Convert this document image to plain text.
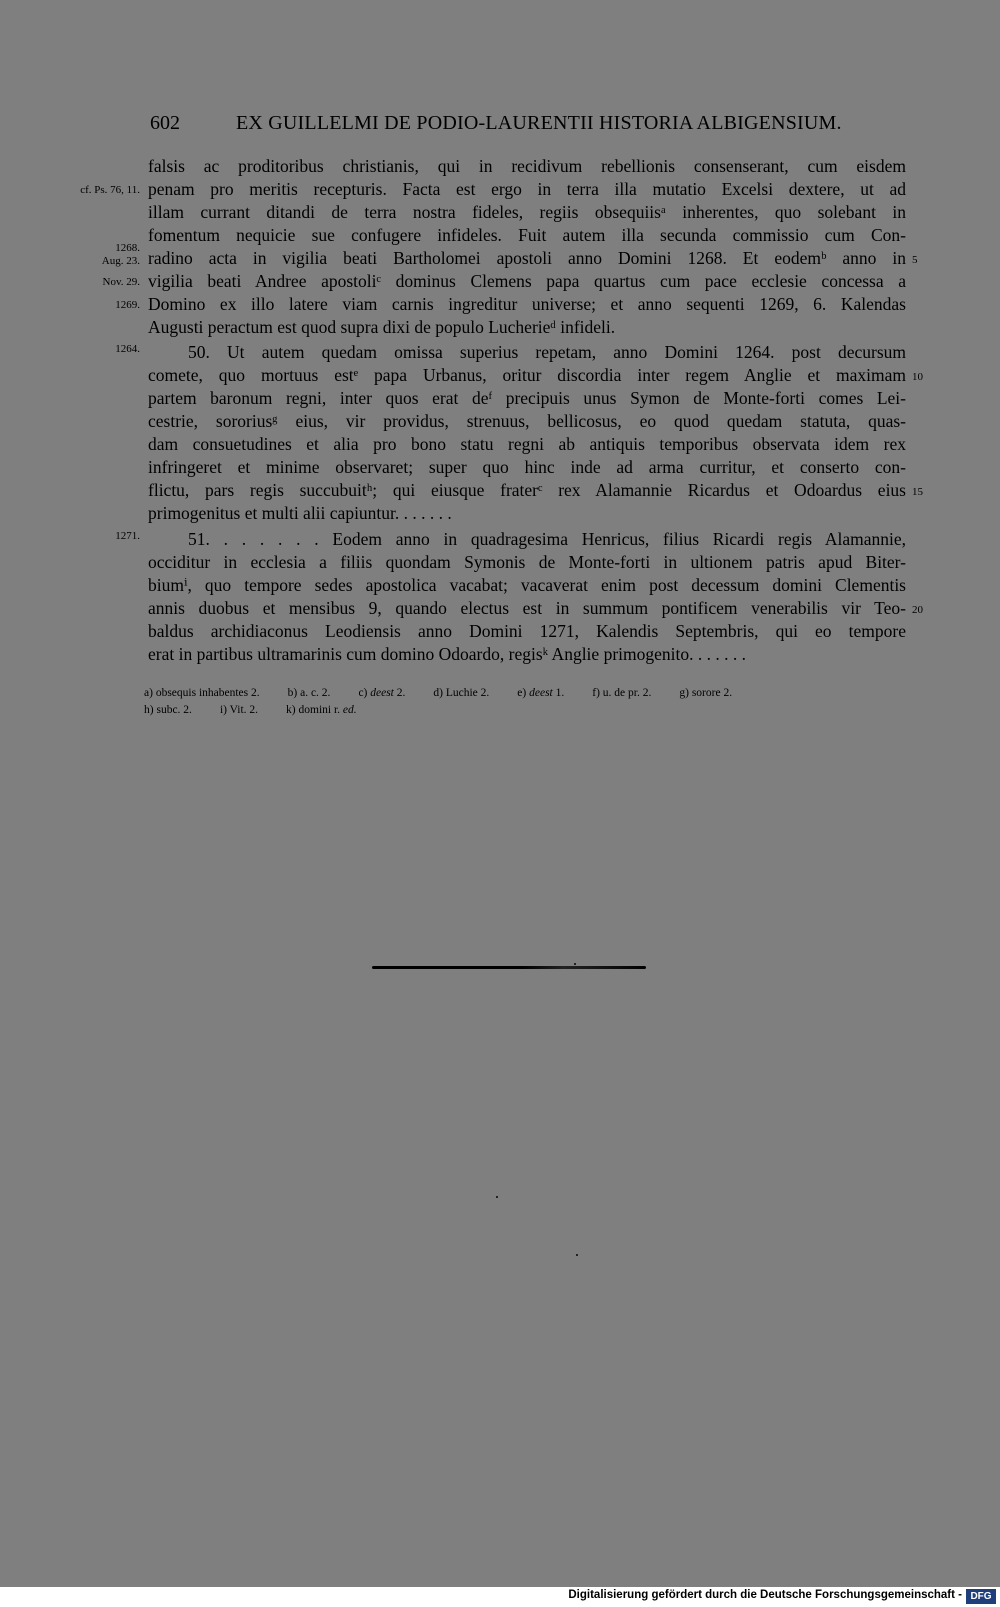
602	EX GUILLELMI DE PODIO-LAURENTII HISTORIA ALBIGENSIUM.
falsis ac proditoribus christianis, qui in recidivum rebellionis consenserant, cum eisdem
penam pro meritis recepturis. Facta est ergo in terra illa mutatio Excelsi dextere, ut ad
illam currant ditandi de terra nostra fideles, regiis obsequiisᵃ inherentes, quo solebant in
fomentum nequicie sue confugere infideles. Fuit autem illa secunda commissio cum Con-
radino acta in vigilia beati Bartholomei apostoli anno Domini 1268. Et eodemᵇ anno in
vigilia beati Andree apostoliᶜ dominus Clemens papa quartus cum pace ecclesie concessa a
Domino ex illo latere viam carnis ingreditur universe; et anno sequenti 1269, 6. Kalendas
Augusti peractum est quod supra dixi de populo Lucherieᵈ infideli.
50. Ut autem quedam omissa superius repetam, anno Domini 1264. post decursum
comete, quo mortuus estᵉ papa Urbanus, oritur discordia inter regem Anglie et maximam
partem baronum regni, inter quos erat deᶠ precipuis unus Symon de Monte-forti comes Lei-
cestrie, sororiusᵍ eius, vir providus, strenuus, bellicosus, eo quod quedam statuta, quas-
dam consuetudines et alia pro bono statu regni ab antiquis temporibus observata idem rex
infringeret et minime observaret; super quo hinc inde ad arma curritur, et conserto con-
flictu, pars regis succubuitʰ; qui eiusque fraterᶜ rex Alamannie Ricardus et Odoardus eius
primogenitus et multi alii capiuntur. . . . . . .
51. . . . . . . Eodem anno in quadragesima Henricus, filius Ricardi regis Alamannie,
occiditur in ecclesia a filiis quondam Symonis de Monte-forti in ultionem patris apud Biter-
biumⁱ, quo tempore sedes apostolica vacabat; vacaverat enim post decessum domini Clementis
annis duobus et mensibus 9, quando electus est in summum pontificem venerabilis vir Teo-
baldus archidiaconus Leodiensis anno Domini 1271, Kalendis Septembris, qui eo tempore
erat in partibus ultramarinis cum domino Odoardo, regisᵏ Anglie primogenito. . . . . . .
cf. Ps. 76, 11.
1268.
Aug. 23.
Nov. 29.
1269.
1264.
1271.
5
10
15
20
a) obsequis inhabentes 2. b) a. c. 2. c) deest 2. d) Luchie 2. e) deest 1. f) u. de pr. 2. g) sorore 2.
h) subc. 2. i) Vit. 2. k) domini r. ed.
Digitalisierung gefördert durch die Deutsche Forschungsgemeinschaft - DFG
